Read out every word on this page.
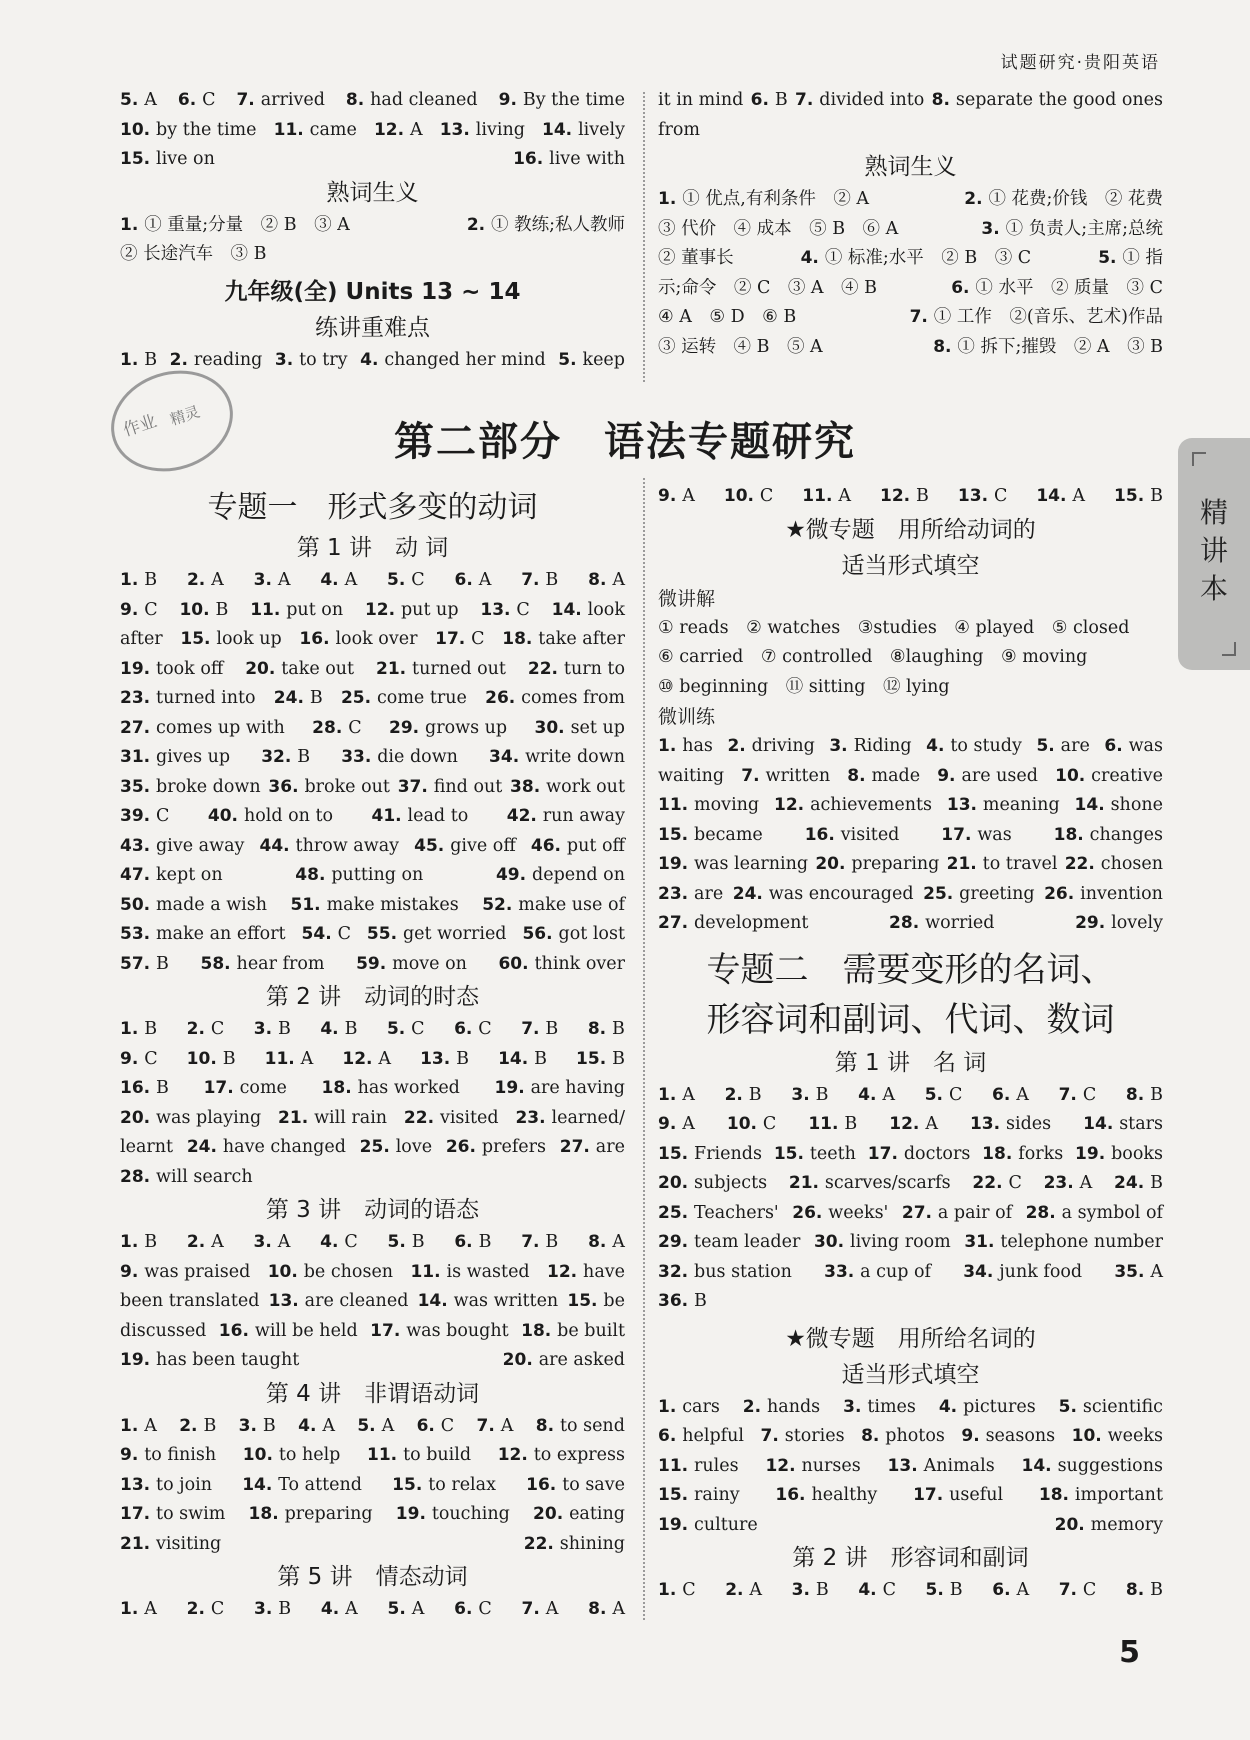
试题研究·贵阳英语
精
讲
本
5. A 6. C 7. arrived 8. had cleaned 9. By the time
10. by the time 11. came 12. A 13. living 14. lively
15. live on	16. live with
熟词生义
1. ① 重量;分量　② B　③ A	2. ① 教练;私人教师
② 长途汽车　③ B
九年级(全) Units 13 ~ 14
练讲重难点
1. B 2. reading 3. to try 4. changed her mind 5. keep
it in mind 6. B 7. divided into 8. separate the good ones
from
熟词生义
1. ① 优点,有利条件　② A	2. ① 花费;价钱　② 花费
③ 代价　④ 成本　⑤ B　⑥ A	3. ① 负责人;主席;总统
② 董事长	4. ① 标准;水平　② B　③ C	5. ① 指
示;命令　② C　③ A　④ B	6. ① 水平　② 质量　③ C
④ A　⑤ D　⑥ B	7. ① 工作　②(音乐、艺术)作品
③ 运转　④ B　⑤ A	8. ① 拆下;摧毁　② A　③ B
作业 精灵
第二部分　语法专题研究
专题一　形式多变的动词
第 1 讲　动 词
1. B 2. A 3. A 4. A 5. C 6. A 7. B 8. A
9. C 10. B 11. put on 12. put up 13. C 14. look
after 15. look up 16. look over 17. C 18. take after
19. took off 20. take out 21. turned out 22. turn to
23. turned into 24. B 25. come true 26. comes from
27. comes up with 28. C 29. grows up 30. set up
31. gives up 32. B 33. die down 34. write down
35. broke down 36. broke out 37. find out 38. work out
39. C 40. hold on to 41. lead to 42. run away
43. give away 44. throw away 45. give off 46. put off
47. kept on	48. putting on	49. depend on
50. made a wish 51. make mistakes 52. make use of
53. make an effort 54. C 55. get worried 56. got lost
57. B 58. hear from 59. move on 60. think over
第 2 讲　动词的时态
1. B 2. C 3. B 4. B 5. C 6. C 7. B 8. B
9. C 10. B 11. A 12. A 13. B 14. B 15. B
16. B 17. come 18. has worked 19. are having
20. was playing 21. will rain 22. visited 23. learned/
learnt 24. have changed 25. love 26. prefers 27. are
28. will search
第 3 讲　动词的语态
1. B 2. A 3. A 4. C 5. B 6. B 7. B 8. A
9. was praised 10. be chosen 11. is wasted 12. have
been translated 13. are cleaned 14. was written 15. be
discussed 16. will be held 17. was bought 18. be built
19. has been taught	20. are asked
第 4 讲　非谓语动词
1. A 2. B 3. B 4. A 5. A 6. C 7. A 8. to send
9. to finish 10. to help 11. to build 12. to express
13. to join 14. To attend 15. to relax 16. to save
17. to swim 18. preparing 19. touching 20. eating
21. visiting	22. shining
第 5 讲　情态动词
1. A 2. C 3. B 4. A 5. A 6. C 7. A 8. A
9. A 10. C 11. A 12. B 13. C 14. A 15. B
★微专题　用所给动词的
适当形式填空
微讲解
① reads　② watches　③studies　④ played　⑤ closed
⑥ carried　⑦ controlled　⑧laughing　⑨ moving
⑩ beginning　⑪ sitting　⑫ lying
微训练
1. has 2. driving 3. Riding 4. to study 5. are 6. was
waiting 7. written 8. made 9. are used 10. creative
11. moving 12. achievements 13. meaning 14. shone
15. became 16. visited 17. was 18. changes
19. was learning 20. preparing 21. to travel 22. chosen
23. are 24. was encouraged 25. greeting 26. invention
27. development	28. worried	29. lovely
专题二　需要变形的名词、
形容词和副词、代词、数词
第 1 讲　名 词
1. A 2. B 3. B 4. A 5. C 6. A 7. C 8. B
9. A 10. C 11. B 12. A 13. sides 14. stars
15. Friends 15. teeth 17. doctors 18. forks 19. books
20. subjects 21. scarves/scarfs 22. C 23. A 24. B
25. Teachers' 26. weeks' 27. a pair of 28. a symbol of
29. team leader 30. living room 31. telephone number
32. bus station 33. a cup of 34. junk food 35. A
36. B
★微专题　用所给名词的
适当形式填空
1. cars 2. hands 3. times 4. pictures 5. scientific
6. helpful 7. stories 8. photos 9. seasons 10. weeks
11. rules 12. nurses 13. Animals 14. suggestions
15. rainy 16. healthy 17. useful 18. important
19. culture	20. memory
第 2 讲　形容词和副词
1. C 2. A 3. B 4. C 5. B 6. A 7. C 8. B
5
